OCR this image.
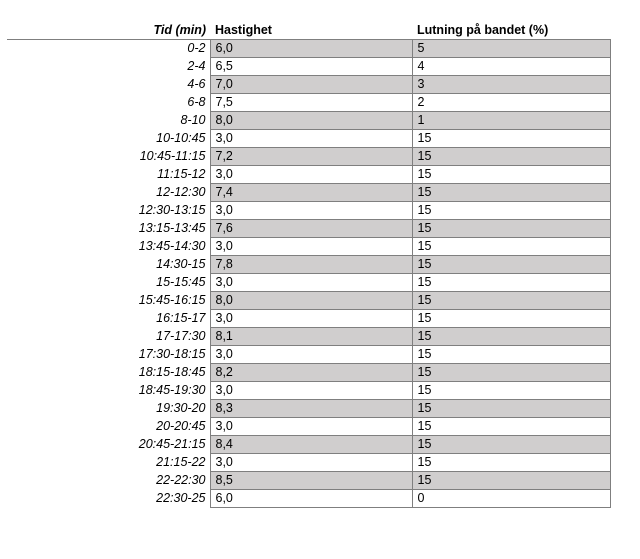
Tid (min)	Hastighet	Lutning på bandet (%)
0-2	6,0	5
2-4	6,5	4
4-6	7,0	3
6-8	7,5	2
8-10	8,0	1
10-10:45	3,0	15
10:45-11:15	7,2	15
11:15-12	3,0	15
12-12:30	7,4	15
12:30-13:15	3,0	15
13:15-13:45	7,6	15
13:45-14:30	3,0	15
14:30-15	7,8	15
15-15:45	3,0	15
15:45-16:15	8,0	15
16:15-17	3,0	15
17-17:30	8,1	15
17:30-18:15	3,0	15
18:15-18:45	8,2	15
18:45-19:30	3,0	15
19:30-20	8,3	15
20-20:45	3,0	15
20:45-21:15	8,4	15
21:15-22	3,0	15
22-22:30	8,5	15
22:30-25	6,0	0
